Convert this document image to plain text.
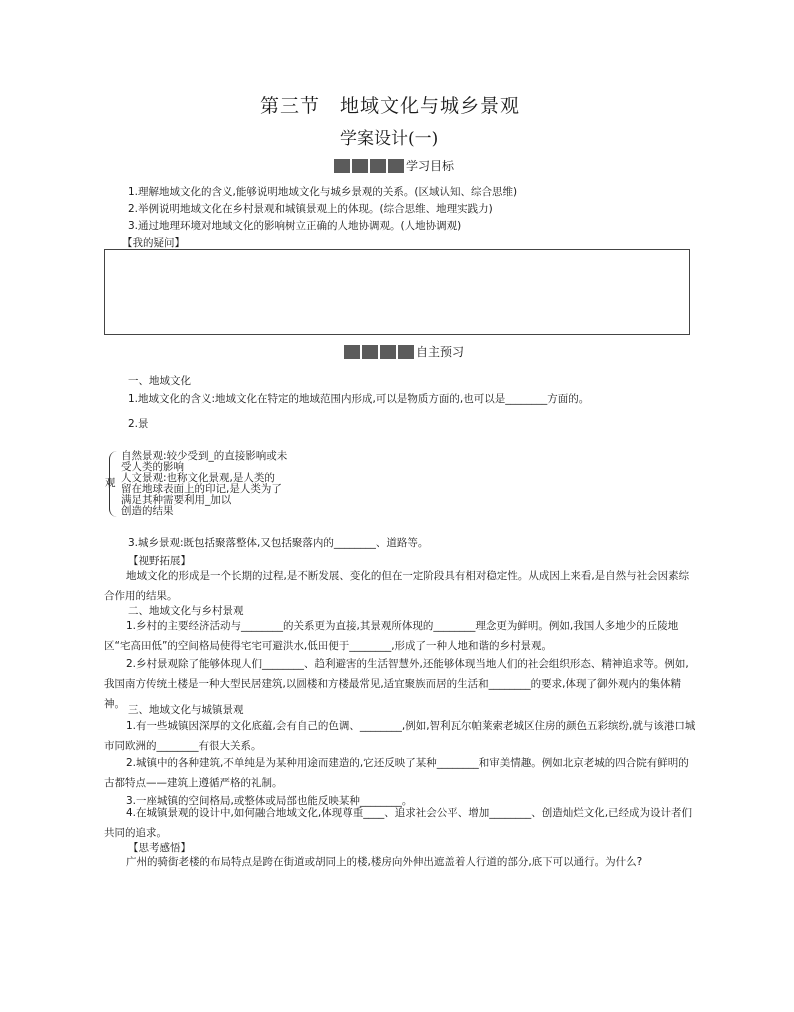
第三节　地域文化与城乡景观
学案设计(一)
学习目标
1.理解地域文化的含义,能够说明地域文化与城乡景观的关系。(区域认知、综合思维)
2.举例说明地域文化在乡村景观和城镇景观上的体现。(综合思维、地理实践力)
3.通过地理环境对地域文化的影响树立正确的人地协调观。(人地协调观)
【我的疑问】
自主预习
一、地域文化
1.地域文化的含义:地域文化在特定的地域范围内形成,可以是物质方面的,也可以是________方面的。
2.景
观
自然景观:较少受到_的直接影响或未
受人类的影响
人文景观:也称文化景观,是人类的
留在地球表面上的印记,是人类为了
满足其种需要利用_加以
创造的结果
3.城乡景观:既包括聚落整体,又包括聚落内的________、道路等。
【视野拓展】
地域文化的形成是一个长期的过程,是不断发展、变化的但在一定阶段具有相对稳定性。从成因上来看,是自然与社会因素综合作用的结果。
二、地域文化与乡村景观
1.乡村的主要经济活动与________的关系更为直接,其景观所体现的________理念更为鲜明。例如,我国人多地少的丘陵地区“宅高田低”的空间格局使得宅宅可避洪水,低田便于________,形成了一种人地和谐的乡村景观。
2.乡村景观除了能够体现人们________、趋利避害的生活智慧外,还能够体现当地人们的社会组织形态、精神追求等。例如,我国南方传统土楼是一种大型民居建筑,以圆楼和方楼最常见,适宜聚族而居的生活和________的要求,体现了御外观内的集体精神。 三、地域文化与城镇景观
1.有一些城镇因深厚的文化底蕴,会有自己的色调、________,例如,智利瓦尔帕莱索老城区住房的颜色五彩缤纷,就与该港口城市同欧洲的________有很大关系。
2.城镇中的各种建筑,不单纯是为某种用途而建造的,它还反映了某种________和审美情趣。例如北京老城的四合院有鲜明的古都特点——建筑上遵循严格的礼制。
3.一座城镇的空间格局,或整体或局部也能反映某种________。
4.在城镇景观的设计中,如何融合地域文化,体现尊重____、追求社会公平、增加________、创造灿烂文化,已经成为设计者们共同的追求。
【思考感悟】
广州的骑街老楼的布局特点是跨在街道或胡同上的楼,楼房向外伸出遮盖着人行道的部分,底下可以通行。为什么?
